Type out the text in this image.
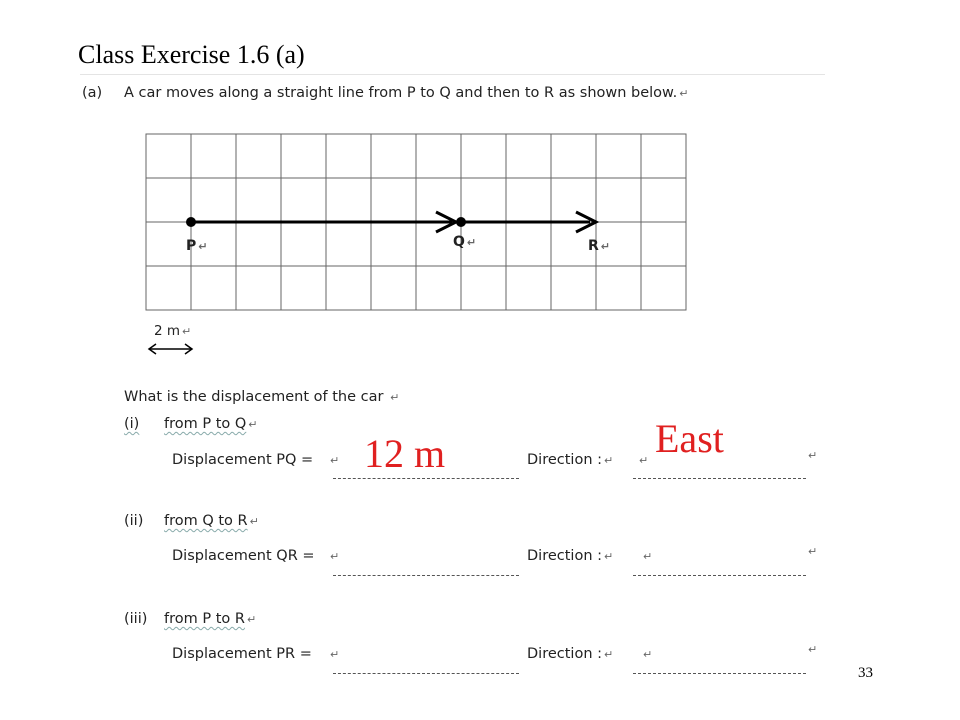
Class Exercise 1.6 (a)
(a) A car moves along a straight line from P to Q and then to R as shown below. ↵
P ↵	Q ↵	R ↵
2 m ↵
What is the displacement of the car ↵
(i) from P to Q ↵
Displacement PQ = ↵ 12 m	Direction : ↵ ↵ East	↵
(ii) from Q to R ↵
Displacement QR = ↵	Direction : ↵	↵	↵
(iii) from P to R ↵
Displacement PR = ↵	Direction : ↵	↵	↵
33
